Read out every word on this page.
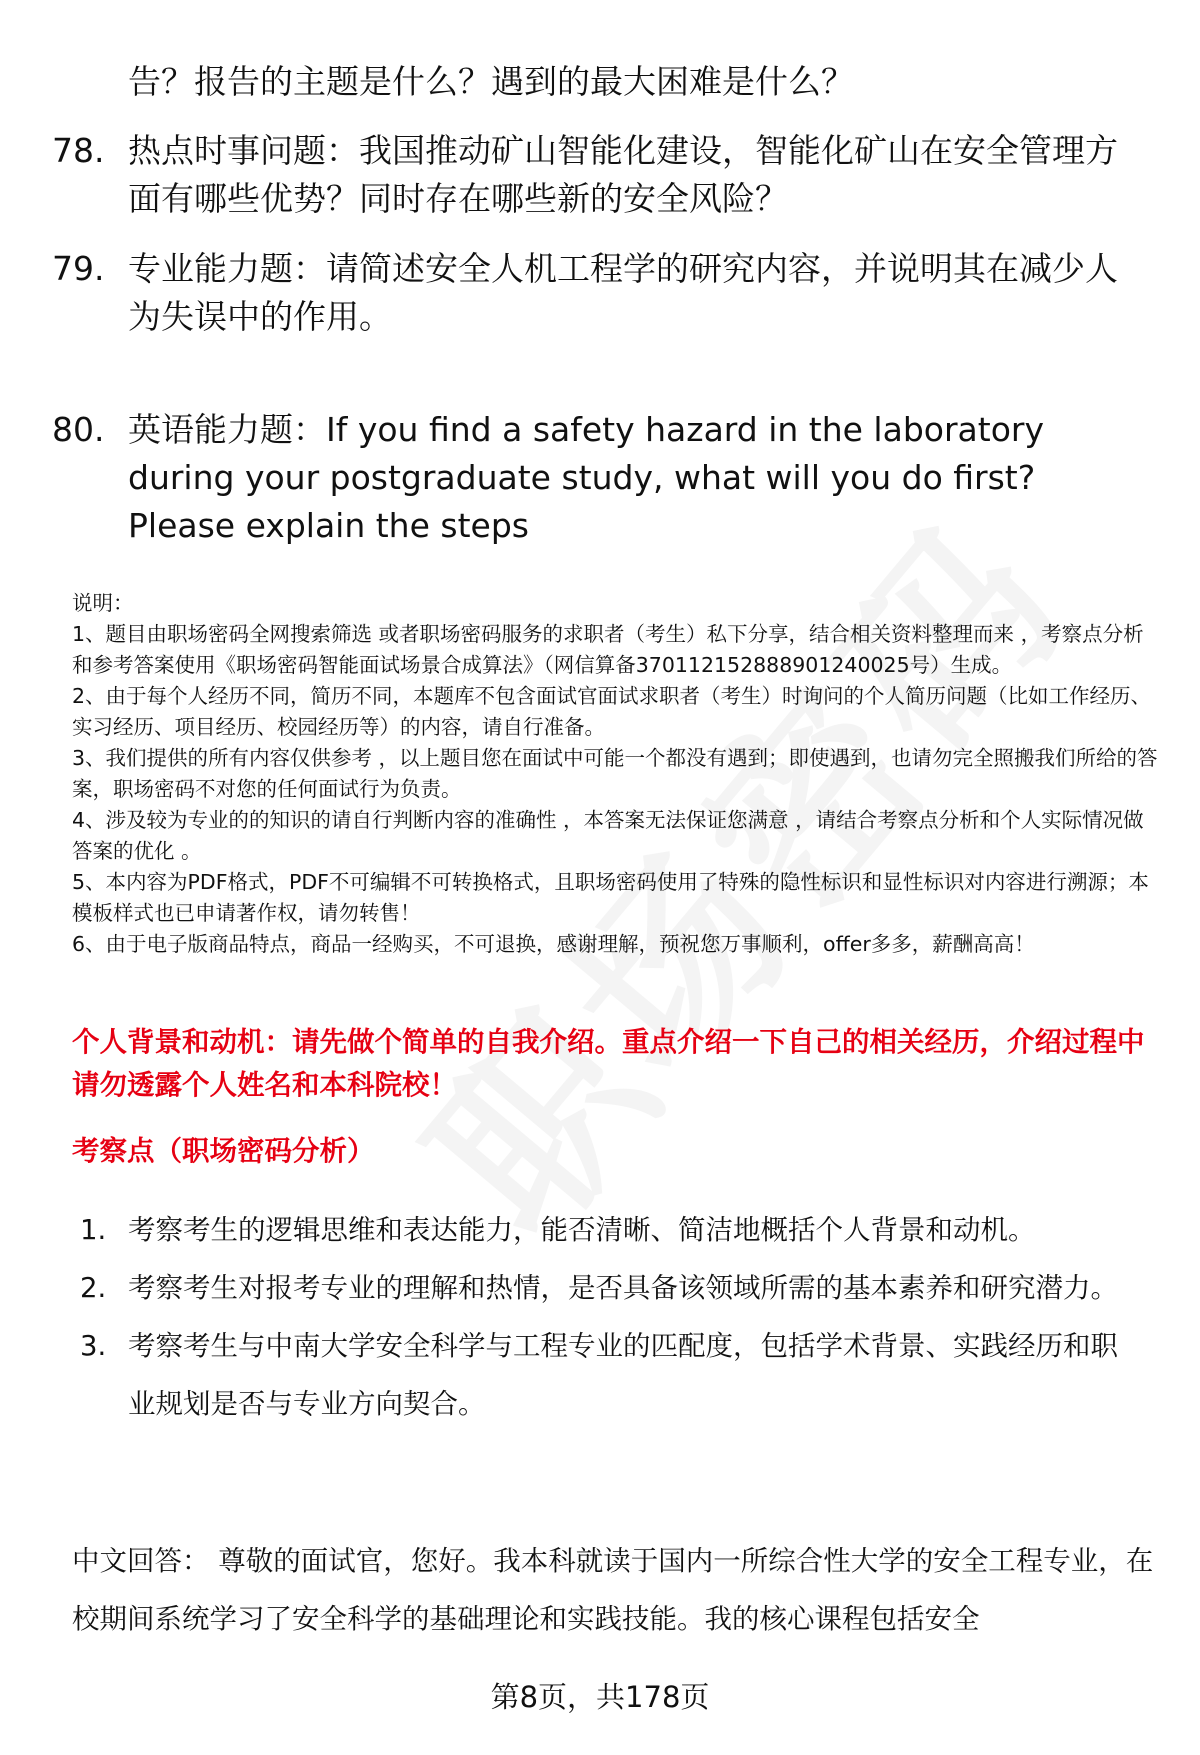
告？报告的主题是什么？遇到的最大困难是什么？
78. 热点时事问题：我国推动矿山智能化建设，智能化矿山在安全管理方面有哪些优势？同时存在哪些新的安全风险？
79. 专业能力题：请简述安全人机工程学的研究内容，并说明其在减少人为失误中的作用。
80. 英语能力题：If you find a safety hazard in the laboratory during your postgraduate study, what will you do first? Please explain the steps

说明：

1、题目由职场密码全网搜索筛选 或者职场密码服务的求职者（考生）私下分享，结合相关资料整理而来 ，考察点分析和参考答案使用《职场密码智能面试场景合成算法》（网信算备370112152888901240025号）生成。

2、由于每个人经历不同，简历不同，本题库不包含面试官面试求职者（考生）时询问的个人简历问题（比如工作经历、实习经历、项目经历、校园经历等）的内容，请自行准备。

3、我们提供的所有内容仅供参考 ，以上题目您在面试中可能一个都没有遇到；即使遇到，也请勿完全照搬我们所给的答案，职场密码不对您的任何面试行为负责。

4、涉及较为专业的的知识的请自行判断内容的准确性 ，本答案无法保证您满意 ，请结合考察点分析和个人实际情况做答案的优化 。

5、本内容为PDF格式，PDF不可编辑不可转换格式，且职场密码使用了特殊的隐性标识和显性标识对内容进行溯源；本模板样式也已申请著作权，请勿转售！

6、由于电子版商品特点，商品一经购买，不可退换，感谢理解，预祝您万事顺利，offer多多，薪酬高高！

个人背景和动机：请先做个简单的自我介绍。重点介绍一下自己的相关经历，介绍过程中请勿透露个人姓名和本科院校！
考察点（职场密码分析）
1. 考察考生的逻辑思维和表达能力，能否清晰、简洁地概括个人背景和动机。
2. 考察考生对报考专业的理解和热情，是否具备该领域所需的基本素养和研究潜力。
3. 考察考生与中南大学安全科学与工程专业的匹配度，包括学术背景、实践经历和职业规划是否与专业方向契合。
中文回答： 尊敬的面试官，您好。我本科就读于国内一所综合性大学的安全工程专业，在校期间系统学习了安全科学的基础理论和实践技能。我的核心课程包括安全
第8页，共178页
